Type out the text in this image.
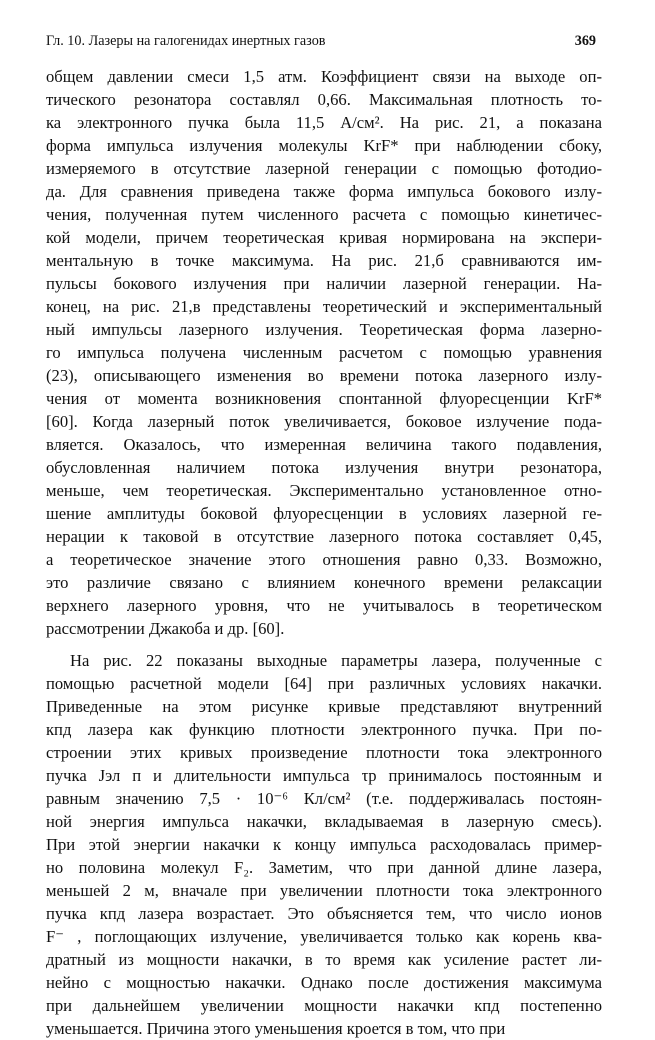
Гл. 10. Лазеры на галогенидах инертных газов	369
общем давлении смеси 1,5 атм. Коэффициент связи на выходе оп-
тического резонатора составлял 0,66. Максимальная плотность то-
ка электронного пучка была 11,5 А/см². На рис. 21, а показана
форма импульса излучения молекулы KrF* при наблюдении сбоку,
измеряемого в отсутствие лазерной генерации с помощью фотодио-
да. Для сравнения приведена также форма импульса бокового излу-
чения, полученная путем численного расчета с помощью кинетичес-
кой модели, причем теоретическая кривая нормирована на экспери-
ментальную в точке максимума. На рис. 21,б сравниваются им-
пульсы бокового излучения при наличии лазерной генерации. На-
конец, на рис. 21,в представлены теоретический и экспериментальный
ный импульсы лазерного излучения. Теоретическая форма лазерно-
го импульса получена численным расчетом с помощью уравнения
(23), описывающего изменения во времени потока лазерного излу-
чения от момента возникновения спонтанной флуоресценции KrF*
[60]. Когда лазерный поток увеличивается, боковое излучение пода-
вляется. Оказалось, что измеренная величина такого подавления,
обусловленная наличием потока излучения внутри резонатора,
меньше, чем теоретическая. Экспериментально установленное отно-
шение амплитуды боковой флуоресценции в условиях лазерной ге-
нерации к таковой в отсутствие лазерного потока составляет 0,45,
а теоретическое значение этого отношения равно 0,33. Возможно,
это различие связано с влиянием конечного времени релаксации
верхнего лазерного уровня, что не учитывалось в теоретическом
рассмотрении Джакоба и др. [60].
На рис. 22 показаны выходные параметры лазера, полученные с
помощью расчетной модели [64] при различных условиях накачки.
Приведенные на этом рисунке кривые представляют внутренний
кпд лазера как функцию плотности электронного пучка. При по-
строении этих кривых произведение плотности тока электронного
пучка Jэл п и длительности импульса τp принималось постоянным и
равным значению 7,5 · 10⁻⁶ Кл/см² (т.е. поддерживалась постоян-
ной энергия импульса накачки, вкладываемая в лазерную смесь).
При этой энергии накачки к концу импульса расходовалась пример-
но половина молекул F₂. Заметим, что при данной длине лазера,
меньшей 2 м, вначале при увеличении плотности тока электронного
пучка кпд лазера возрастает. Это объясняется тем, что число ионов
F⁻ , поглощающих излучение, увеличивается только как корень ква-
дратный из мощности накачки, в то время как усиление растет ли-
нейно с мощностью накачки. Однако после достижения максимума
при дальнейшем увеличении мощности накачки кпд постепенно
уменьшается. Причина этого уменьшения кроется в том, что при
